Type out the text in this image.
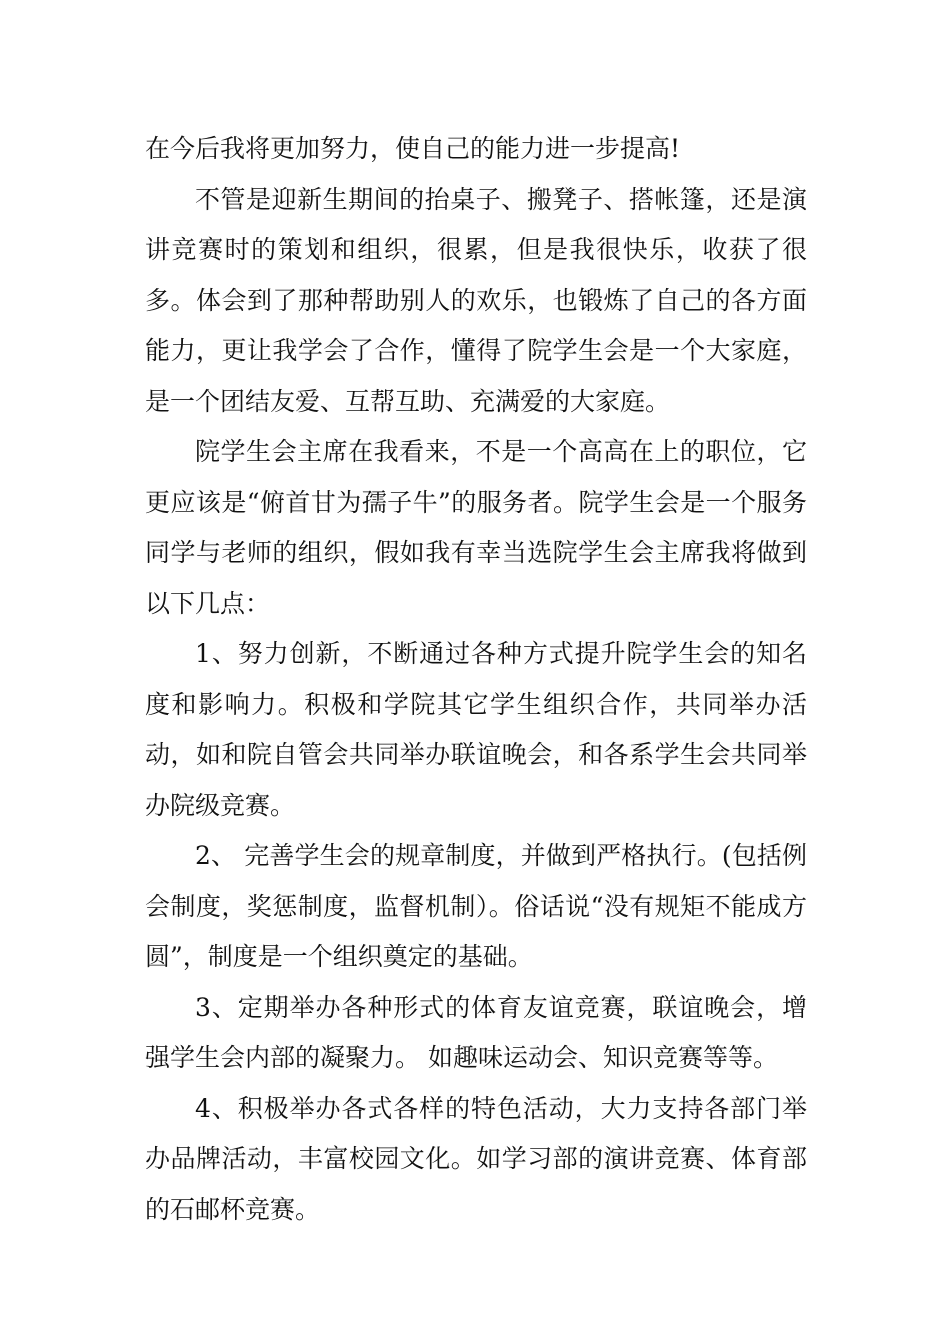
在今后我将更加努力，使自己的能力进一步提高!

不管是迎新生期间的抬桌子、搬凳子、搭帐篷，还是演讲竞赛时的策划和组织，很累，但是我很快乐，收获了很多。体会到了那种帮助别人的欢乐，也锻炼了自己的各方面能力，更让我学会了合作，懂得了院学生会是一个大家庭，是一个团结友爱、互帮互助、充满爱的大家庭。

院学生会主席在我看来，不是一个高高在上的职位，它更应该是“俯首甘为孺子牛”的服务者。院学生会是一个服务同学与老师的组织，假如我有幸当选院学生会主席我将做到以下几点：

1、努力创新，不断通过各种方式提升院学生会的知名度和影响力。积极和学院其它学生组织合作，共同举办活动，如和院自管会共同举办联谊晚会，和各系学生会共同举办院级竞赛。

2、 完善学生会的规章制度，并做到严格执行。(包括例会制度，奖惩制度，监督机制）。俗话说“没有规矩不能成方圆”，制度是一个组织奠定的基础。

3、定期举办各种形式的体育友谊竞赛，联谊晚会，增强学生会内部的凝聚力。 如趣味运动会、知识竞赛等等。

4、积极举办各式各样的特色活动，大力支持各部门举办品牌活动，丰富校园文化。如学习部的演讲竞赛、体育部的石邮杯竞赛。
